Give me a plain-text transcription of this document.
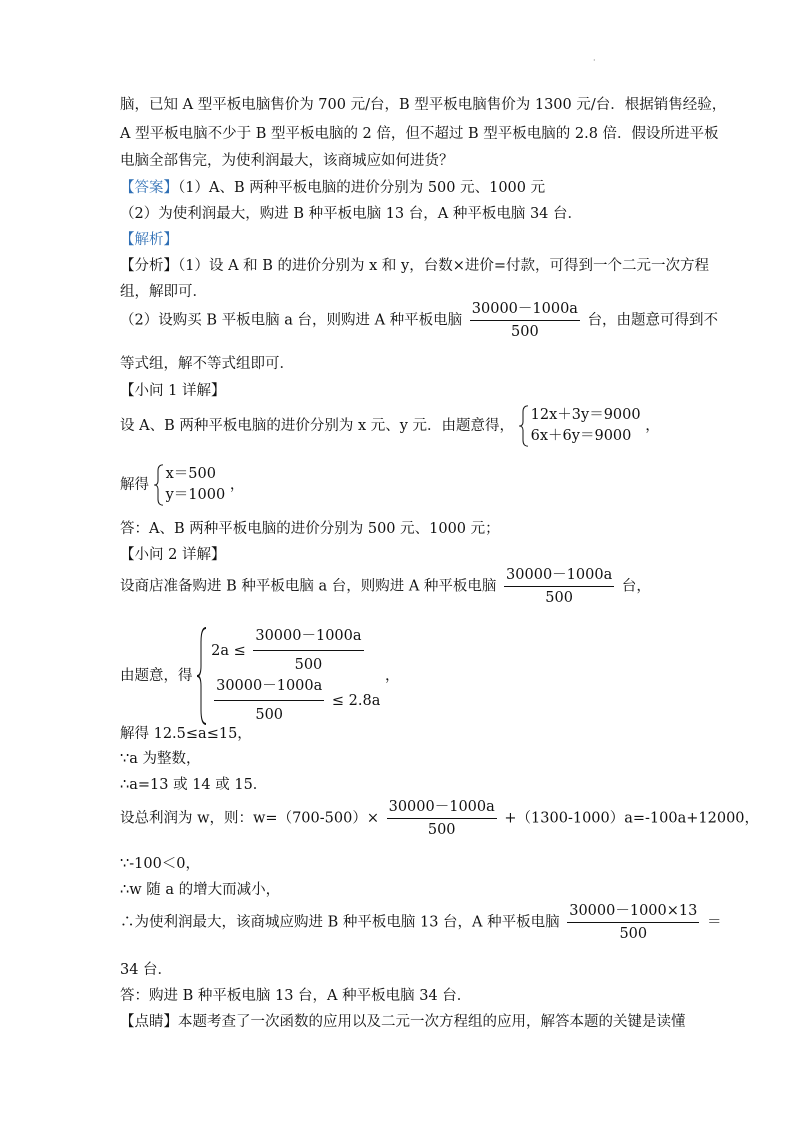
·
脑，已知 A 型平板电脑售价为 700 元/台，B 型平板电脑售价为 1300 元/台．根据销售经验，
A 型平板电脑不少于 B 型平板电脑的 2 倍，但不超过 B 型平板电脑的 2.8 倍．假设所进平板
电脑全部售完，为使利润最大，该商城应如何进货？
【答案】（1）A、B 两种平板电脑的进价分别为 500 元、1000 元
（2）为使利润最大，购进 B 种平板电脑 13 台，A 种平板电脑 34 台．
【解析】
【分析】（1）设 A 和 B 的进价分别为 x 和 y，台数×进价=付款，可得到一个二元一次方程
组，解即可．
（2）设购买 B 平板电脑 a 台，则购进 A 种平板电脑 $\frac{30000-1000a}{500}$ 台，由题意可得到不
等式组，解不等式组即可．
【小问 1 详解】
设 A、B 两种平板电脑的进价分别为 x 元、y 元．由题意得，
12x＋3y＝9000
6x＋6y＝9000
，
解得
x＝500
y＝1000
，
答：A、B 两种平板电脑的进价分别为 500 元、1000 元；
【小问 2 详解】
设商店准备购进 B 种平板电脑 a 台，则购进 A 种平板电脑 $\frac{30000-1000a}{500}$ 台，
由题意，得
$2a \le \frac{30000-1000a}{500}$
$\frac{30000-1000a}{500} \le 2.8a$
，
解得 12.5≤a≤15，
∵a 为整数，
∴a=13 或 14 或 15．
设总利润为 w，则：$w=(700-500)\times \frac{30000-1000a}{500} +(1300-1000)a=-100a+12000$，
∵-100＜0，
∴w 随 a 的增大而减小，
∴为使利润最大，该商城应购进 B 种平板电脑 13 台，A 种平板电脑 $\frac{30000-1000\times 13}{500}$ ＝
34 台．
答：购进 B 种平板电脑 13 台，A 种平板电脑 34 台．
【点睛】本题考查了一次函数的应用以及二元一次方程组的应用，解答本题的关键是读懂
